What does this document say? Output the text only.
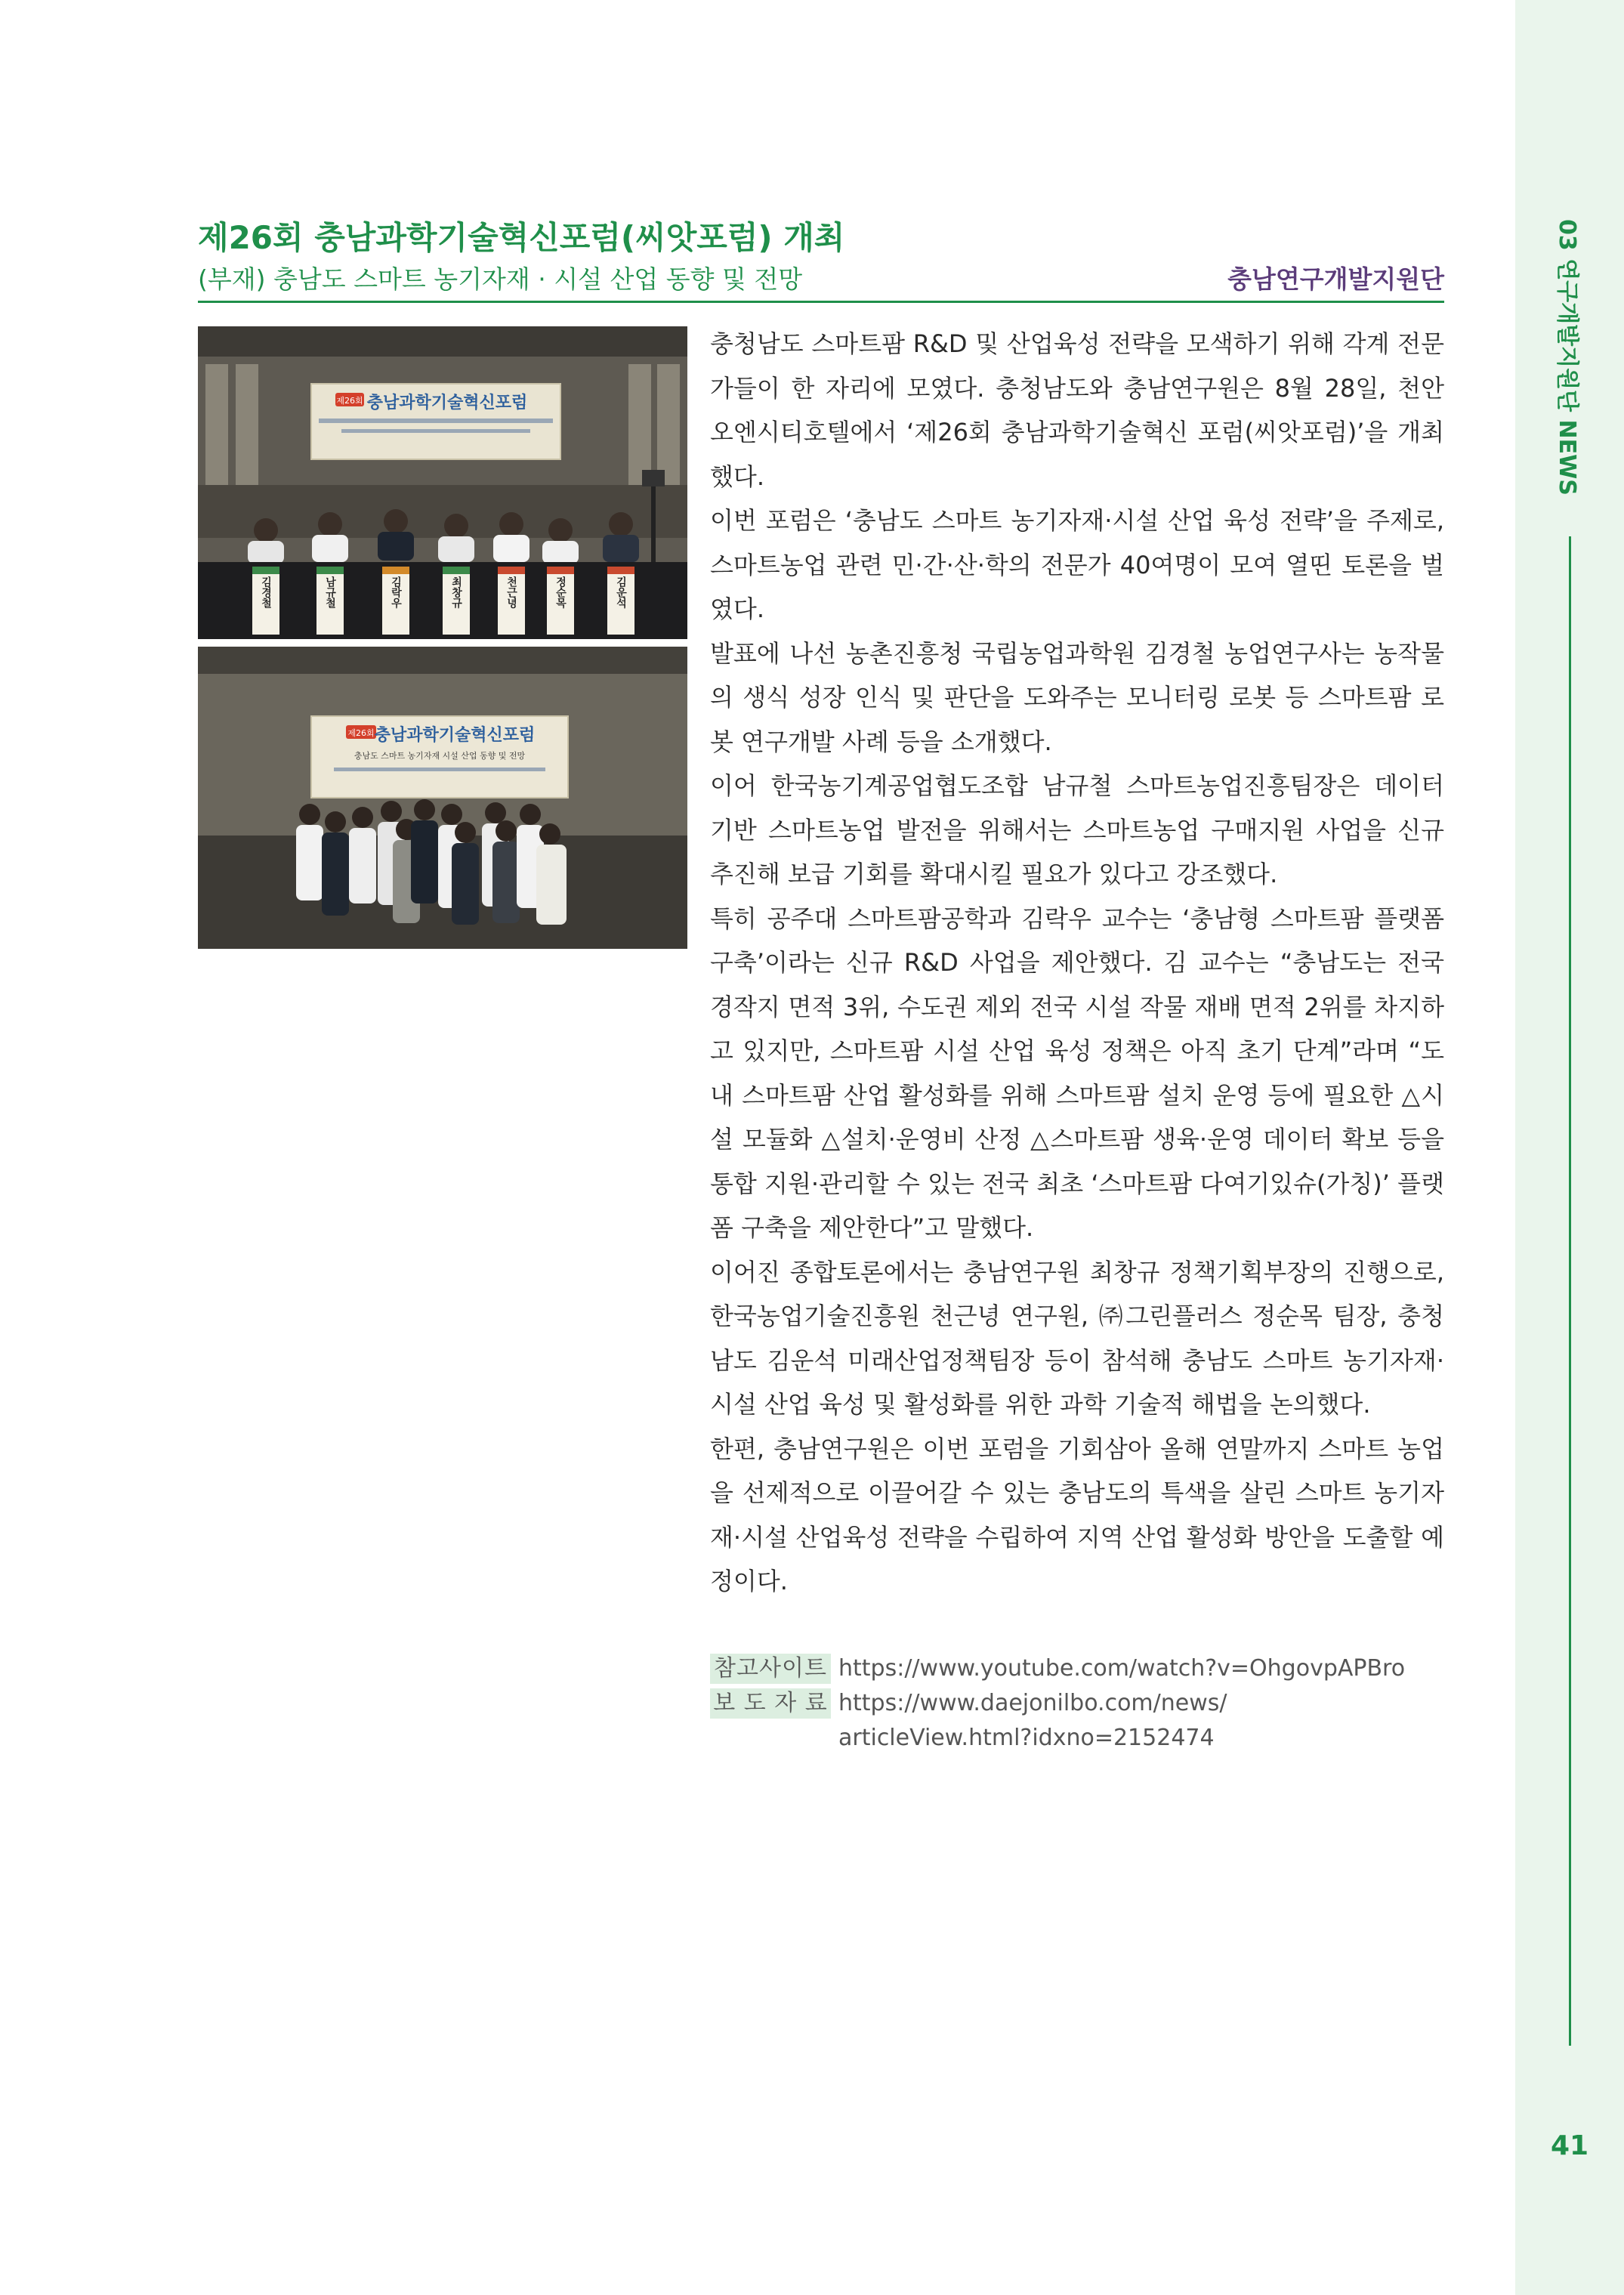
03 연구개발지원단 NEWS
41
제26회 충남과학기술혁신포럼(씨앗포럼) 개최
(부재) 충남도 스마트 농기자재 · 시설 산업 동향 및 전망	충남연구개발지원단
제26회 충남과학기술혁신포럼
김경철	남규철	김락우	최창규	천근녕	정순목	김운석
제26회 충남과학기술혁신포럼
충남도 스마트 농기자재 시설 산업 동향 및 전망

충청남도 스마트팜 R&D 및 산업육성 전략을 모색하기 위해 각계 전문가들이 한 자리에 모였다. 충청남도와 충남연구원은 8월 28일, 천안 오엔시티호텔에서 ‘제26회 충남과학기술혁신 포럼(씨앗포럼)’을 개최했다.

이번 포럼은 ‘충남도 스마트 농기자재·시설 산업 육성 전략’을 주제로, 스마트농업 관련 민·간·산·학의 전문가 40여명이 모여 열띤 토론을 벌였다.

발표에 나선 농촌진흥청 국립농업과학원 김경철 농업연구사는 농작물의 생식 성장 인식 및 판단을 도와주는 모니터링 로봇 등 스마트팜 로봇 연구개발 사례 등을 소개했다.

이어 한국농기계공업협도조합 남규철 스마트농업진흥팀장은 데이터 기반 스마트농업 발전을 위해서는 스마트농업 구매지원 사업을 신규 추진해 보급 기회를 확대시킬 필요가 있다고 강조했다.

특히 공주대 스마트팜공학과 김락우 교수는 ‘충남형 스마트팜 플랫폼 구축’이라는 신규 R&D 사업을 제안했다. 김 교수는 “충남도는 전국 경작지 면적 3위, 수도권 제외 전국 시설 작물 재배 면적 2위를 차지하고 있지만, 스마트팜 시설 산업 육성 정책은 아직 초기 단계”라며 “도내 스마트팜 산업 활성화를 위해 스마트팜 설치 운영 등에 필요한 △시설 모듈화 △설치·운영비 산정 △스마트팜 생육·운영 데이터 확보 등을 통합 지원·관리할 수 있는 전국 최초 ‘스마트팜 다여기있슈(가칭)’ 플랫폼 구축을 제안한다”고 말했다.

이어진 종합토론에서는 충남연구원 최창규 정책기획부장의 진행으로, 한국농업기술진흥원 천근녕 연구원, ㈜그린플러스 정순목 팀장, 충청남도 김운석 미래산업정책팀장 등이 참석해 충남도 스마트 농기자재·시설 산업 육성 및 활성화를 위한 과학 기술적 해법을 논의했다.

한편, 충남연구원은 이번 포럼을 기회삼아 올해 연말까지 스마트 농업을 선제적으로 이끌어갈 수 있는 충남도의 특색을 살린 스마트 농기자재·시설 산업육성 전략을 수립하여 지역 산업 활성화 방안을 도출할 예정이다.

참고사이트 https://www.youtube.com/watch?v=OhgovpAPBro
보 도 자 료 https://www.daejonilbo.com/news/
articleView.html?idxno=2152474
